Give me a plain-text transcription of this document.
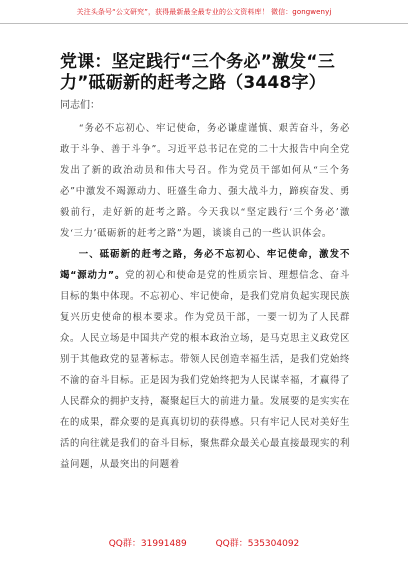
关注头条号“公文研究”，获得最新最全最专业的公文资料库！ 微信：gongwenyj
党课：坚定践行“三个务必”激发“三力”砥砺新的赶考之路（3448字）
同志们：

“务必不忘初心、牢记使命，务必谦虚谨慎、艰苦奋斗，务必敢于斗争、善于斗争”。习近平总书记在党的二十大报告中向全党发出了新的政治动员和伟大号召。作为党员干部如何从“三个务必”中激发不竭源动力、旺盛生命力、强大战斗力，蹄疾奋发、勇毅前行，走好新的赶考之路。今天我以“坚定践行‘三个务必’激发‘三力’砥砺新的赶考之路”为题，谈谈自己的一些认识体会。

一、砥砺新的赶考之路，务必不忘初心、牢记使命，激发不竭“源动力”。党的初心和使命是党的性质宗旨、理想信念、奋斗目标的集中体现。不忘初心、牢记使命，是我们党肩负起实现民族复兴历史使命的根本要求。作为党员干部，一要一切为了人民群众。人民立场是中国共产党的根本政治立场，是马克思主义政党区别于其他政党的显著标志。带领人民创造幸福生活，是我们党始终不渝的奋斗目标。正是因为我们党始终把为人民谋幸福，才赢得了人民群众的拥护支持，凝聚起巨大的前进力量。发展要的是实实在在的成果，群众要的是真真切切的获得感。只有牢记人民对美好生活的向往就是我们的奋斗目标，聚焦群众最关心最直接最现实的利益问题，从最突出的问题着

QQ群：31991489	QQ群：535304092
